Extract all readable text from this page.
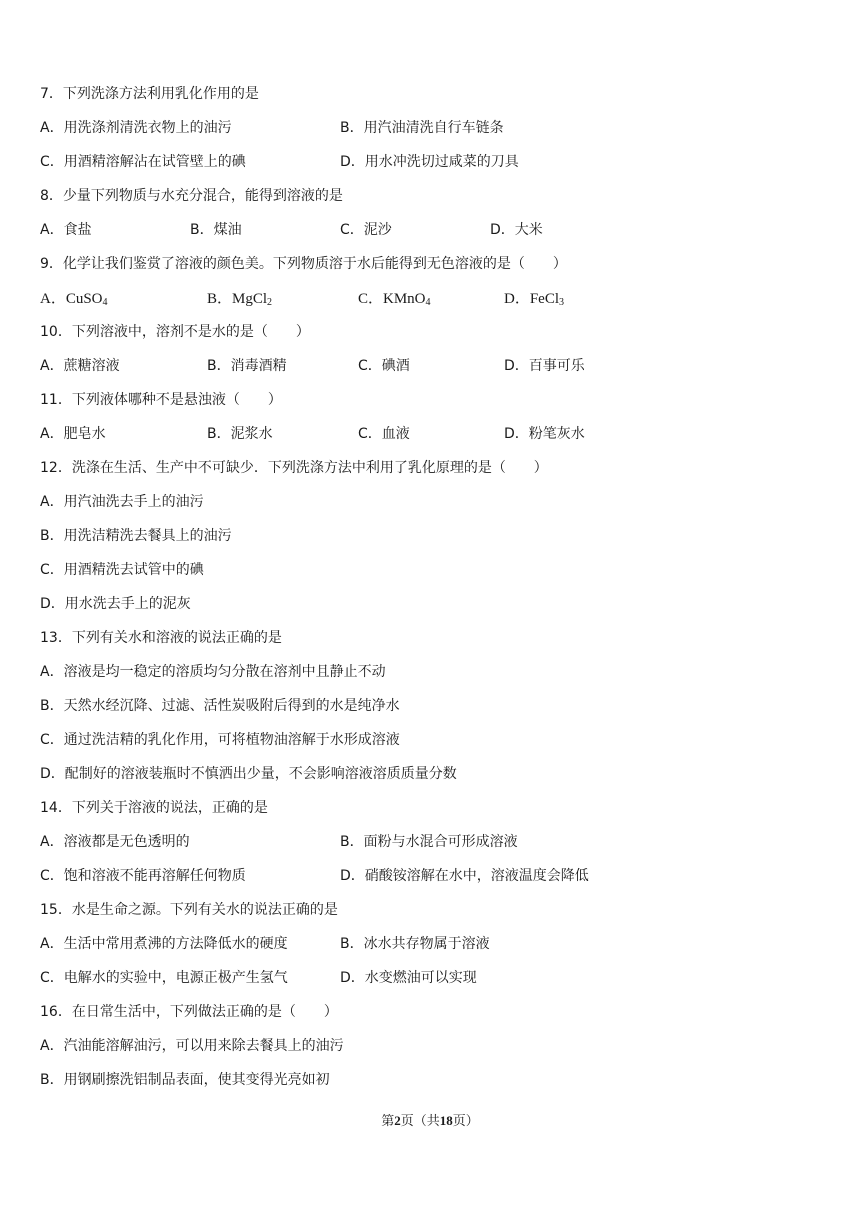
7．下列洗涤方法利用乳化作用的是
A．用洗涤剂清洗衣物上的油污	B．用汽油清洗自行车链条
C．用酒精溶解沾在试管壁上的碘	D．用水冲洗切过咸菜的刀具
8．少量下列物质与水充分混合，能得到溶液的是
A．食盐	B．煤油	C．泥沙	D．大米
9．化学让我们鉴赏了溶液的颜色美。下列物质溶于水后能得到无色溶液的是（　　）
A．CuSO$_4$	B．MgCl$_2$	C．KMnO$_4$	D．FeCl$_3$
10．下列溶液中，溶剂不是水的是（　　）
A．蔗糖溶液	B．消毒酒精	C．碘酒	D．百事可乐
11．下列液体哪种不是悬浊液（　　）
A．肥皂水	B．泥浆水	C．血液	D．粉笔灰水
12．洗涤在生活、生产中不可缺少．下列洗涤方法中利用了乳化原理的是（　　）
A．用汽油洗去手上的油污
B．用洗洁精洗去餐具上的油污
C．用酒精洗去试管中的碘
D．用水洗去手上的泥灰
13．下列有关水和溶液的说法正确的是
A．溶液是均一稳定的溶质均匀分散在溶剂中且静止不动
B．天然水经沉降、过滤、活性炭吸附后得到的水是纯净水
C．通过洗洁精的乳化作用，可将植物油溶解于水形成溶液
D．配制好的溶液装瓶时不慎洒出少量，不会影响溶液溶质质量分数
14．下列关于溶液的说法，正确的是
A．溶液都是无色透明的	B．面粉与水混合可形成溶液
C．饱和溶液不能再溶解任何物质	D．硝酸铵溶解在水中，溶液温度会降低
15．水是生命之源。下列有关水的说法正确的是
A．生活中常用煮沸的方法降低水的硬度	B．冰水共存物属于溶液
C．电解水的实验中，电源正极产生氢气	D．水变燃油可以实现
16．在日常生活中，下列做法正确的是（　　）
A．汽油能溶解油污，可以用来除去餐具上的油污
B．用钢刷擦洗铝制品表面，使其变得光亮如初
第2页（共18页）
